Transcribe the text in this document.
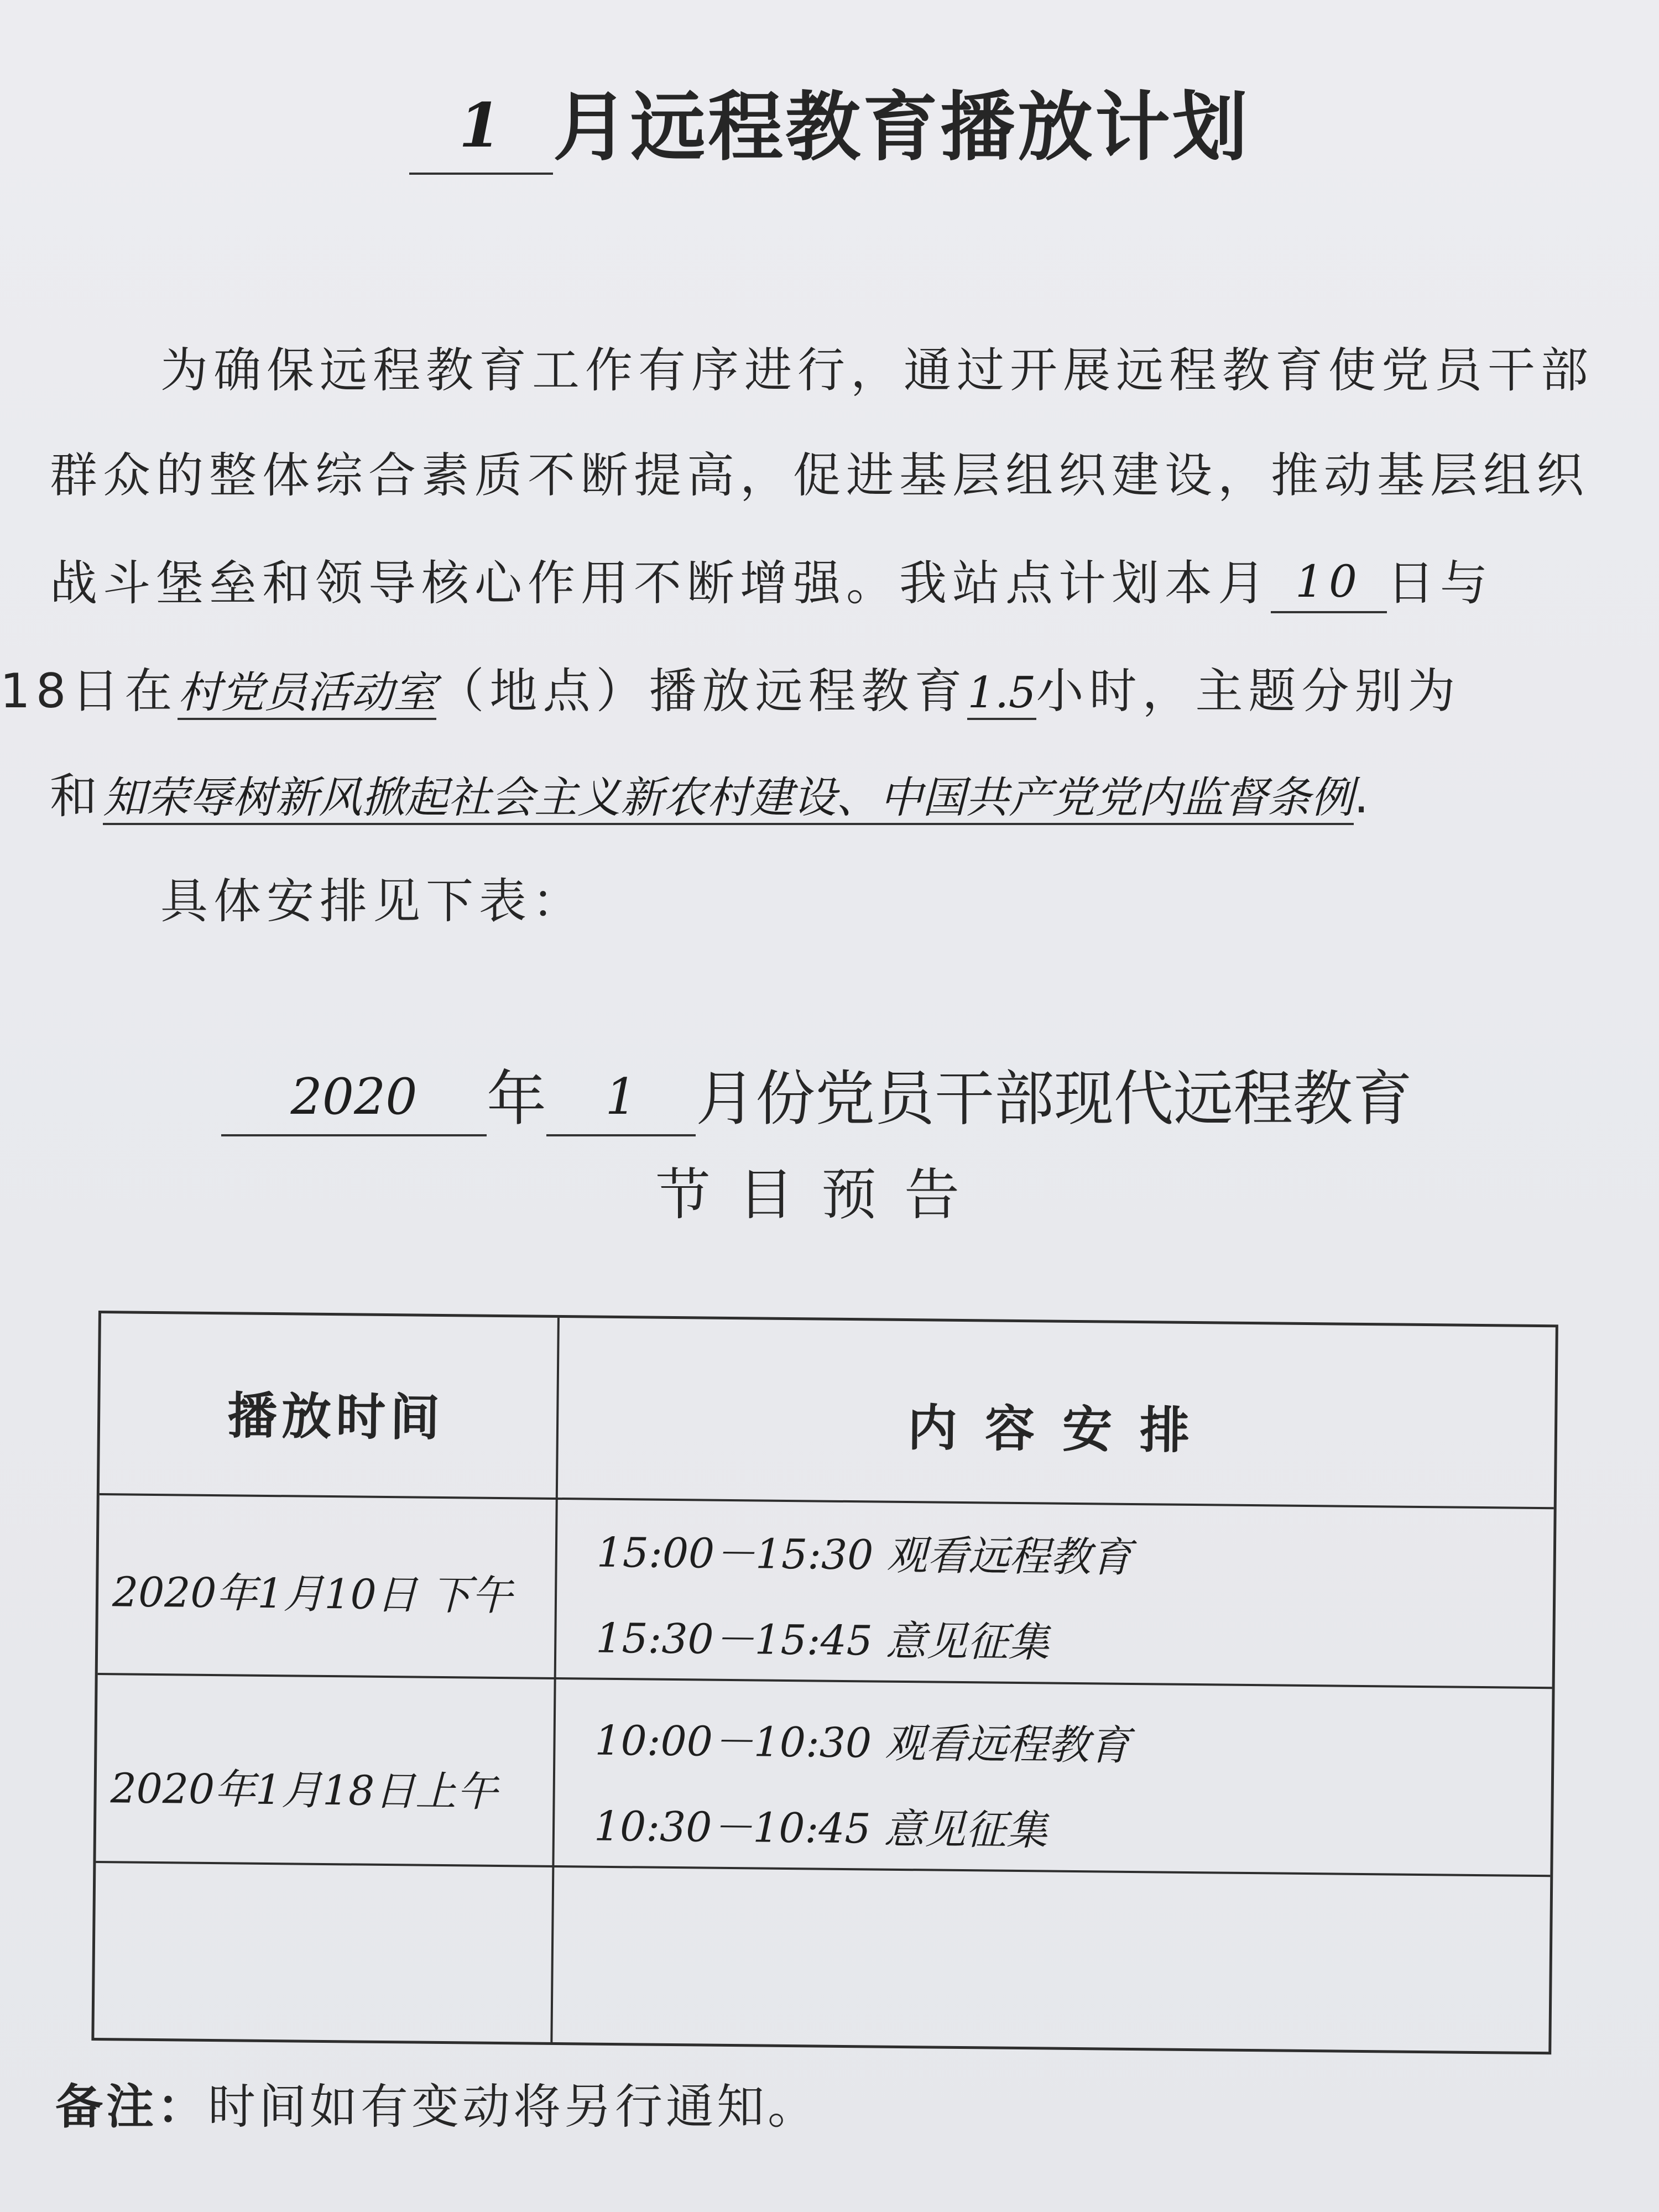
1 月远程教育播放计划
为确保远程教育工作有序进行，通过开展远程教育使党员干部
群众的整体综合素质不断提高，促进基层组织建设，推动基层组织
战斗堡垒和领导核心作用不断增强。我站点计划本月 10 日与
18日在村党员活动室（地点）播放远程教育1.5小时，主题分别为
和知荣辱树新风掀起社会主义新农村建设、中国共产党党内监督条例.
具体安排见下表：
2020 年 1 月份党员干部现代远程教育
节目预告
播放时间	内容安排
2020年1月10日 下午
15:00－15:30 观看远程教育
15:30－15:45 意见征集
2020年1月18日上午
10:00－10:30 观看远程教育
10:30－10:45 意见征集
备注：时间如有变动将另行通知。
